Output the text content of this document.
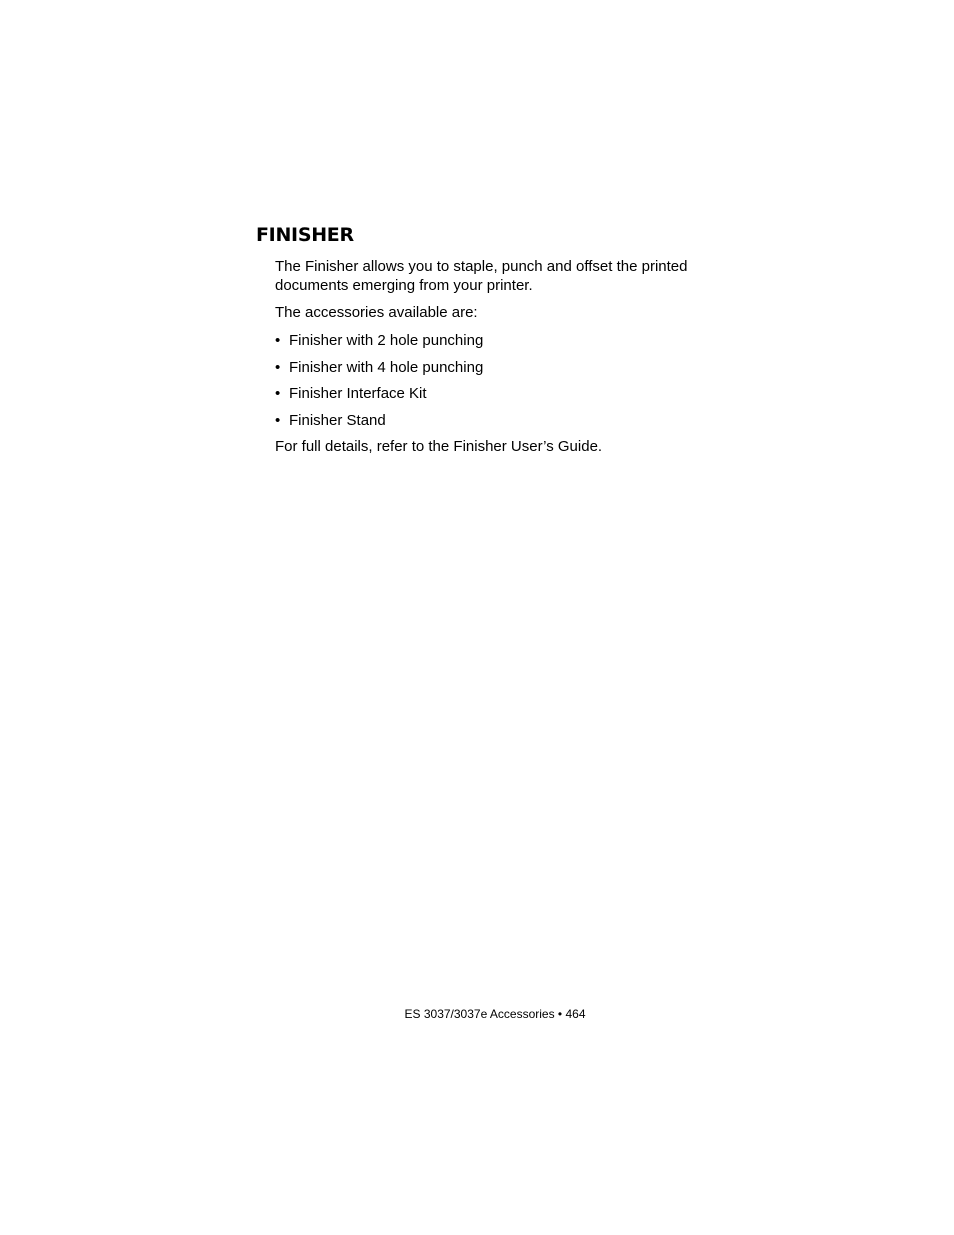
FINISHER

The Finisher allows you to staple, punch and offset the printed documents emerging from your printer.

The accessories available are:

• Finisher with 2 hole punching
• Finisher with 4 hole punching
• Finisher Interface Kit
• Finisher Stand

For full details, refer to the Finisher User’s Guide.

ES 3037/3037e Accessories • 464
